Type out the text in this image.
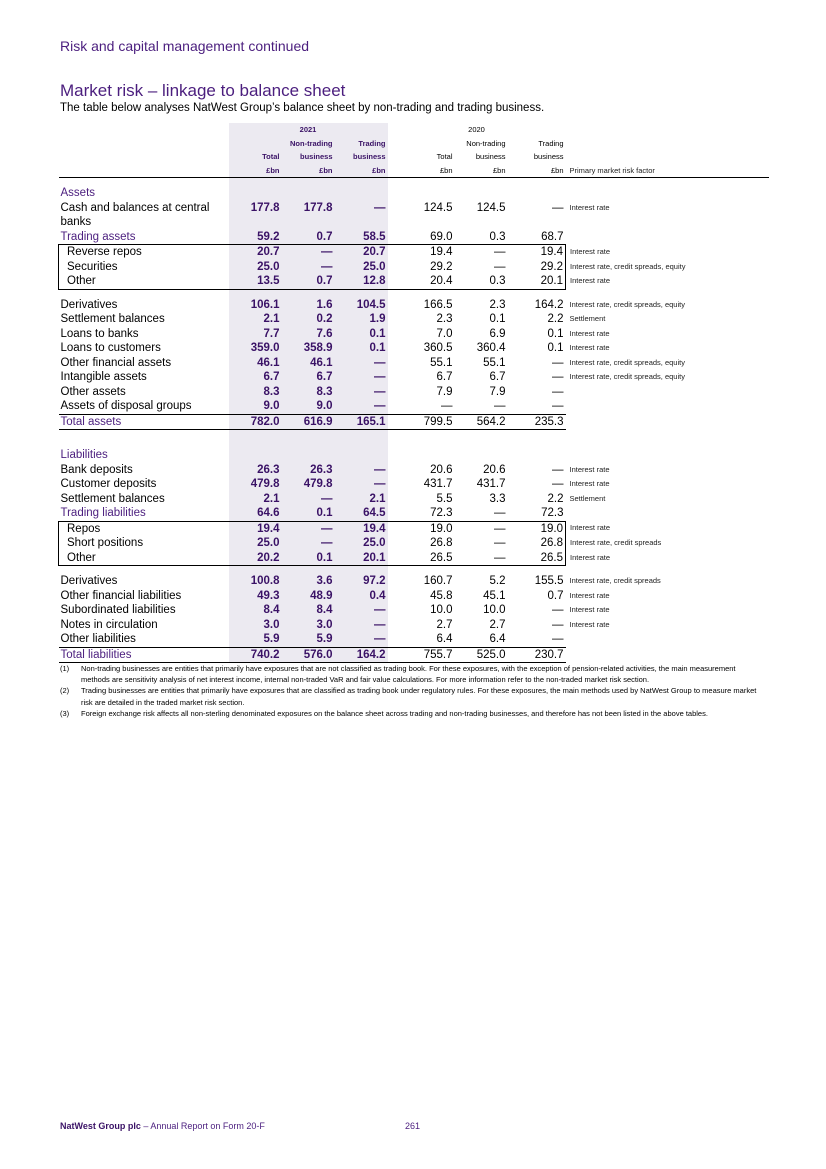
Risk and capital management continued
Market risk – linkage to balance sheet
The table below analyses NatWest Group’s balance sheet by non-trading and trading business.
	2021			2020			
		Non-trading	Trading		Non-trading	Trading	
	Total	business	business	Total	business	business	
	£bn	£bn	£bn	£bn	£bn	£bn	Primary market risk factor

Assets							
Cash and balances at central banks	177.8	177.8	—	124.5	124.5	—	Interest rate
Trading assets	59.2	0.7	58.5	69.0	0.3	68.7	
Reverse repos	20.7	—	20.7	19.4	—	19.4	Interest rate
Securities	25.0	—	25.0	29.2	—	29.2	Interest rate, credit spreads, equity
Other	13.5	0.7	12.8	20.4	0.3	20.1	Interest rate

Derivatives	106.1	1.6	104.5	166.5	2.3	164.2	Interest rate, credit spreads, equity
Settlement balances	2.1	0.2	1.9	2.3	0.1	2.2	Settlement
Loans to banks	7.7	7.6	0.1	7.0	6.9	0.1	Interest rate
Loans to customers	359.0	358.9	0.1	360.5	360.4	0.1	Interest rate
Other financial assets	46.1	46.1	—	55.1	55.1	—	Interest rate, credit spreads, equity
Intangible assets	6.7	6.7	—	6.7	6.7	—	Interest rate, credit spreads, equity
Other assets	8.3	8.3	—	7.9	7.9	—	
Assets of disposal groups	9.0	9.0	—	—	—	—	
Total assets	782.0	616.9	165.1	799.5	564.2	235.3	

Liabilities							
Bank deposits	26.3	26.3	—	20.6	20.6	—	Interest rate
Customer deposits	479.8	479.8	—	431.7	431.7	—	Interest rate
Settlement balances	2.1	—	2.1	5.5	3.3	2.2	Settlement
Trading liabilities	64.6	0.1	64.5	72.3	—	72.3	
Repos	19.4	—	19.4	19.0	—	19.0	Interest rate
Short positions	25.0	—	25.0	26.8	—	26.8	Interest rate, credit spreads
Other	20.2	0.1	20.1	26.5	—	26.5	Interest rate

Derivatives	100.8	3.6	97.2	160.7	5.2	155.5	Interest rate, credit spreads
Other financial liabilities	49.3	48.9	0.4	45.8	45.1	0.7	Interest rate
Subordinated liabilities	8.4	8.4	—	10.0	10.0	—	Interest rate
Notes in circulation	3.0	3.0	—	2.7	2.7	—	Interest rate
Other liabilities	5.9	5.9	—	6.4	6.4	—	
Total liabilities	740.2	576.0	164.2	755.7	525.0	230.7	
(1)	Non-trading businesses are entities that primarily have exposures that are not classified as trading book. For these exposures, with the exception of pension-related activities, the main measurement methods are sensitivity analysis of net interest income, internal non-traded VaR and fair value calculations. For more information refer to the non-traded market risk section.
(2)	Trading businesses are entities that primarily have exposures that are classified as trading book under regulatory rules. For these exposures, the main methods used by NatWest Group to measure market risk are detailed in the traded market risk section.
(3)	Foreign exchange risk affects all non-sterling denominated exposures on the balance sheet across trading and non-trading businesses, and therefore has not been listed in the above tables.
NatWest Group plc – Annual Report on Form 20-F	261
